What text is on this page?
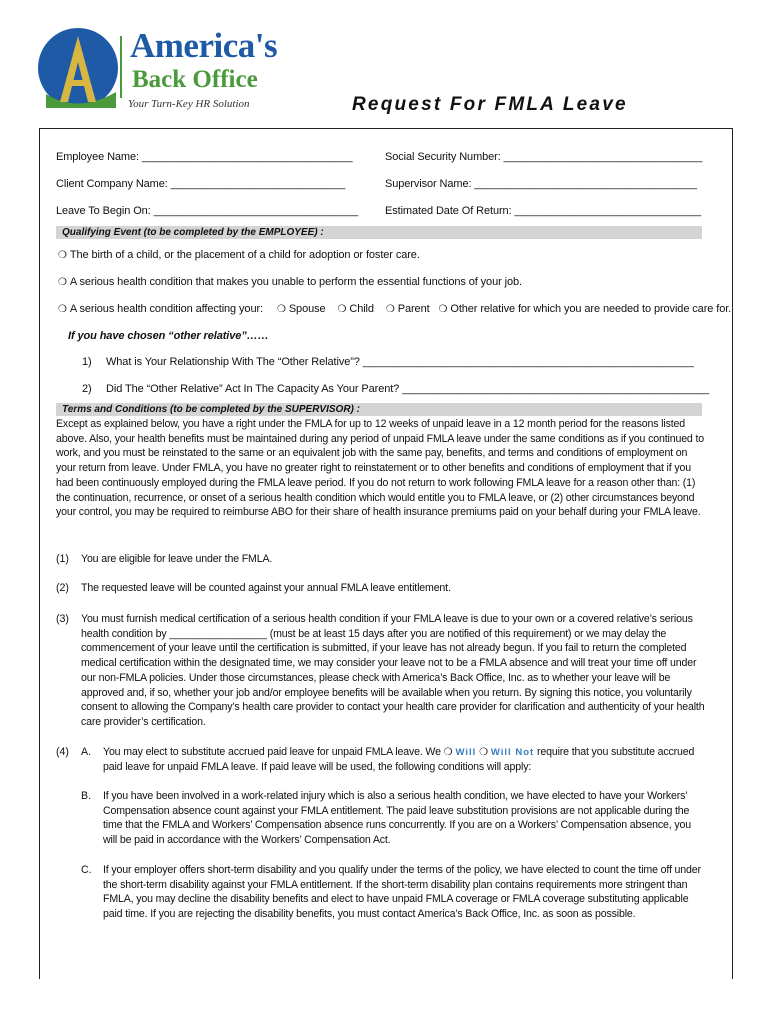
America's
Back Office
Your Turn-Key HR Solution	Request For FMLA Leave
Employee Name: ___________________________________	Social Security Number: _________________________________
Client Company Name: _____________________________	Supervisor Name: _____________________________________
Leave To Begin On: __________________________________ Estimated Date Of Return: _______________________________
Qualifying Event (to be completed by the EMPLOYEE) :
❍ The birth of a child, or the placement of a child for adoption or foster care.
❍ A serious health condition that makes you unable to perform the essential functions of your job.
❍ A serious health condition affecting your: ❍ Spouse ❍ Child ❍ Parent ❍ Other relative for which you are needed to provide care for.
If you have chosen “other relative”……
1) What is Your Relationship With The “Other Relative”? _______________________________________________________
2) Did The “Other Relative” Act In The Capacity As Your Parent? ___________________________________________________
Terms and Conditions (to be completed by the SUPERVISOR) :
Except as explained below, you have a right under the FMLA for up to 12 weeks of unpaid leave in a 12 month period for the reasons listed above. Also, your health benefits must be maintained during any period of unpaid FMLA leave under the same conditions as if you continued to work, and you must be reinstated to the same or an equivalent job with the same pay, benefits, and terms and conditions of employment on your return from leave. Under FMLA, you have no greater right to reinstatement or to other benefits and conditions of employment that if you had been continuously employed during the FMLA leave period. If you do not return to work following FMLA leave for a reason other than: (1) the continuation, recurrence, or onset of a serious health condition which would entitle you to FMLA leave, or (2) other circumstances beyond your control, you may be required to reimburse ABO for their share of health insurance premiums paid on your behalf during your FMLA leave.
(1) You are eligible for leave under the FMLA.
(2) The requested leave will be counted against your annual FMLA leave entitlement.
(3) You must furnish medical certification of a serious health condition if your FMLA leave is due to your own or a covered relative’s serious health condition by _________________ (must be at least 15 days after you are notified of this requirement) or we may delay the commencement of your leave until the certification is submitted, if your leave has not already begun. If you fail to return the completed medical certification within the designated time, we may consider your leave not to be a FMLA absence and will treat your time off under our non-FMLA policies. Under those circumstances, please check with America’s Back Office, Inc. as to whether your leave will be approved and, if so, whether your job and/or employee benefits will be available when you return. By signing this notice, you voluntarily consent to allowing the Company’s health care provider to contact your health care provider for clarification and authenticity of your health care provider’s certification.
(4) A. You may elect to substitute accrued paid leave for unpaid FMLA leave. We ❍ Will ❍ Will Not require that you substitute accrued
paid leave for unpaid FMLA leave. If paid leave will be used, the following conditions will apply:
B. If you have been involved in a work-related injury which is also a serious health condition, we have elected to have your Workers’ Compensation absence count against your FMLA entitlement. The paid leave substitution provisions are not applicable during the time that the FMLA and Workers’ Compensation absence runs concurrently. If you are on a Workers’ Compensation absence, you will be paid in accordance with the Workers’ Compensation Act.
C. If your employer offers short-term disability and you qualify under the terms of the policy, we have elected to count the time off under the short-term disability against your FMLA entitlement. If the short-term disability plan contains requirements more stringent than FMLA, you may decline the disability benefits and elect to have unpaid FMLA coverage or FMLA coverage substituting applicable paid time. If you are rejecting the disability benefits, you must contact America’s Back Office, Inc. as soon as possible.
